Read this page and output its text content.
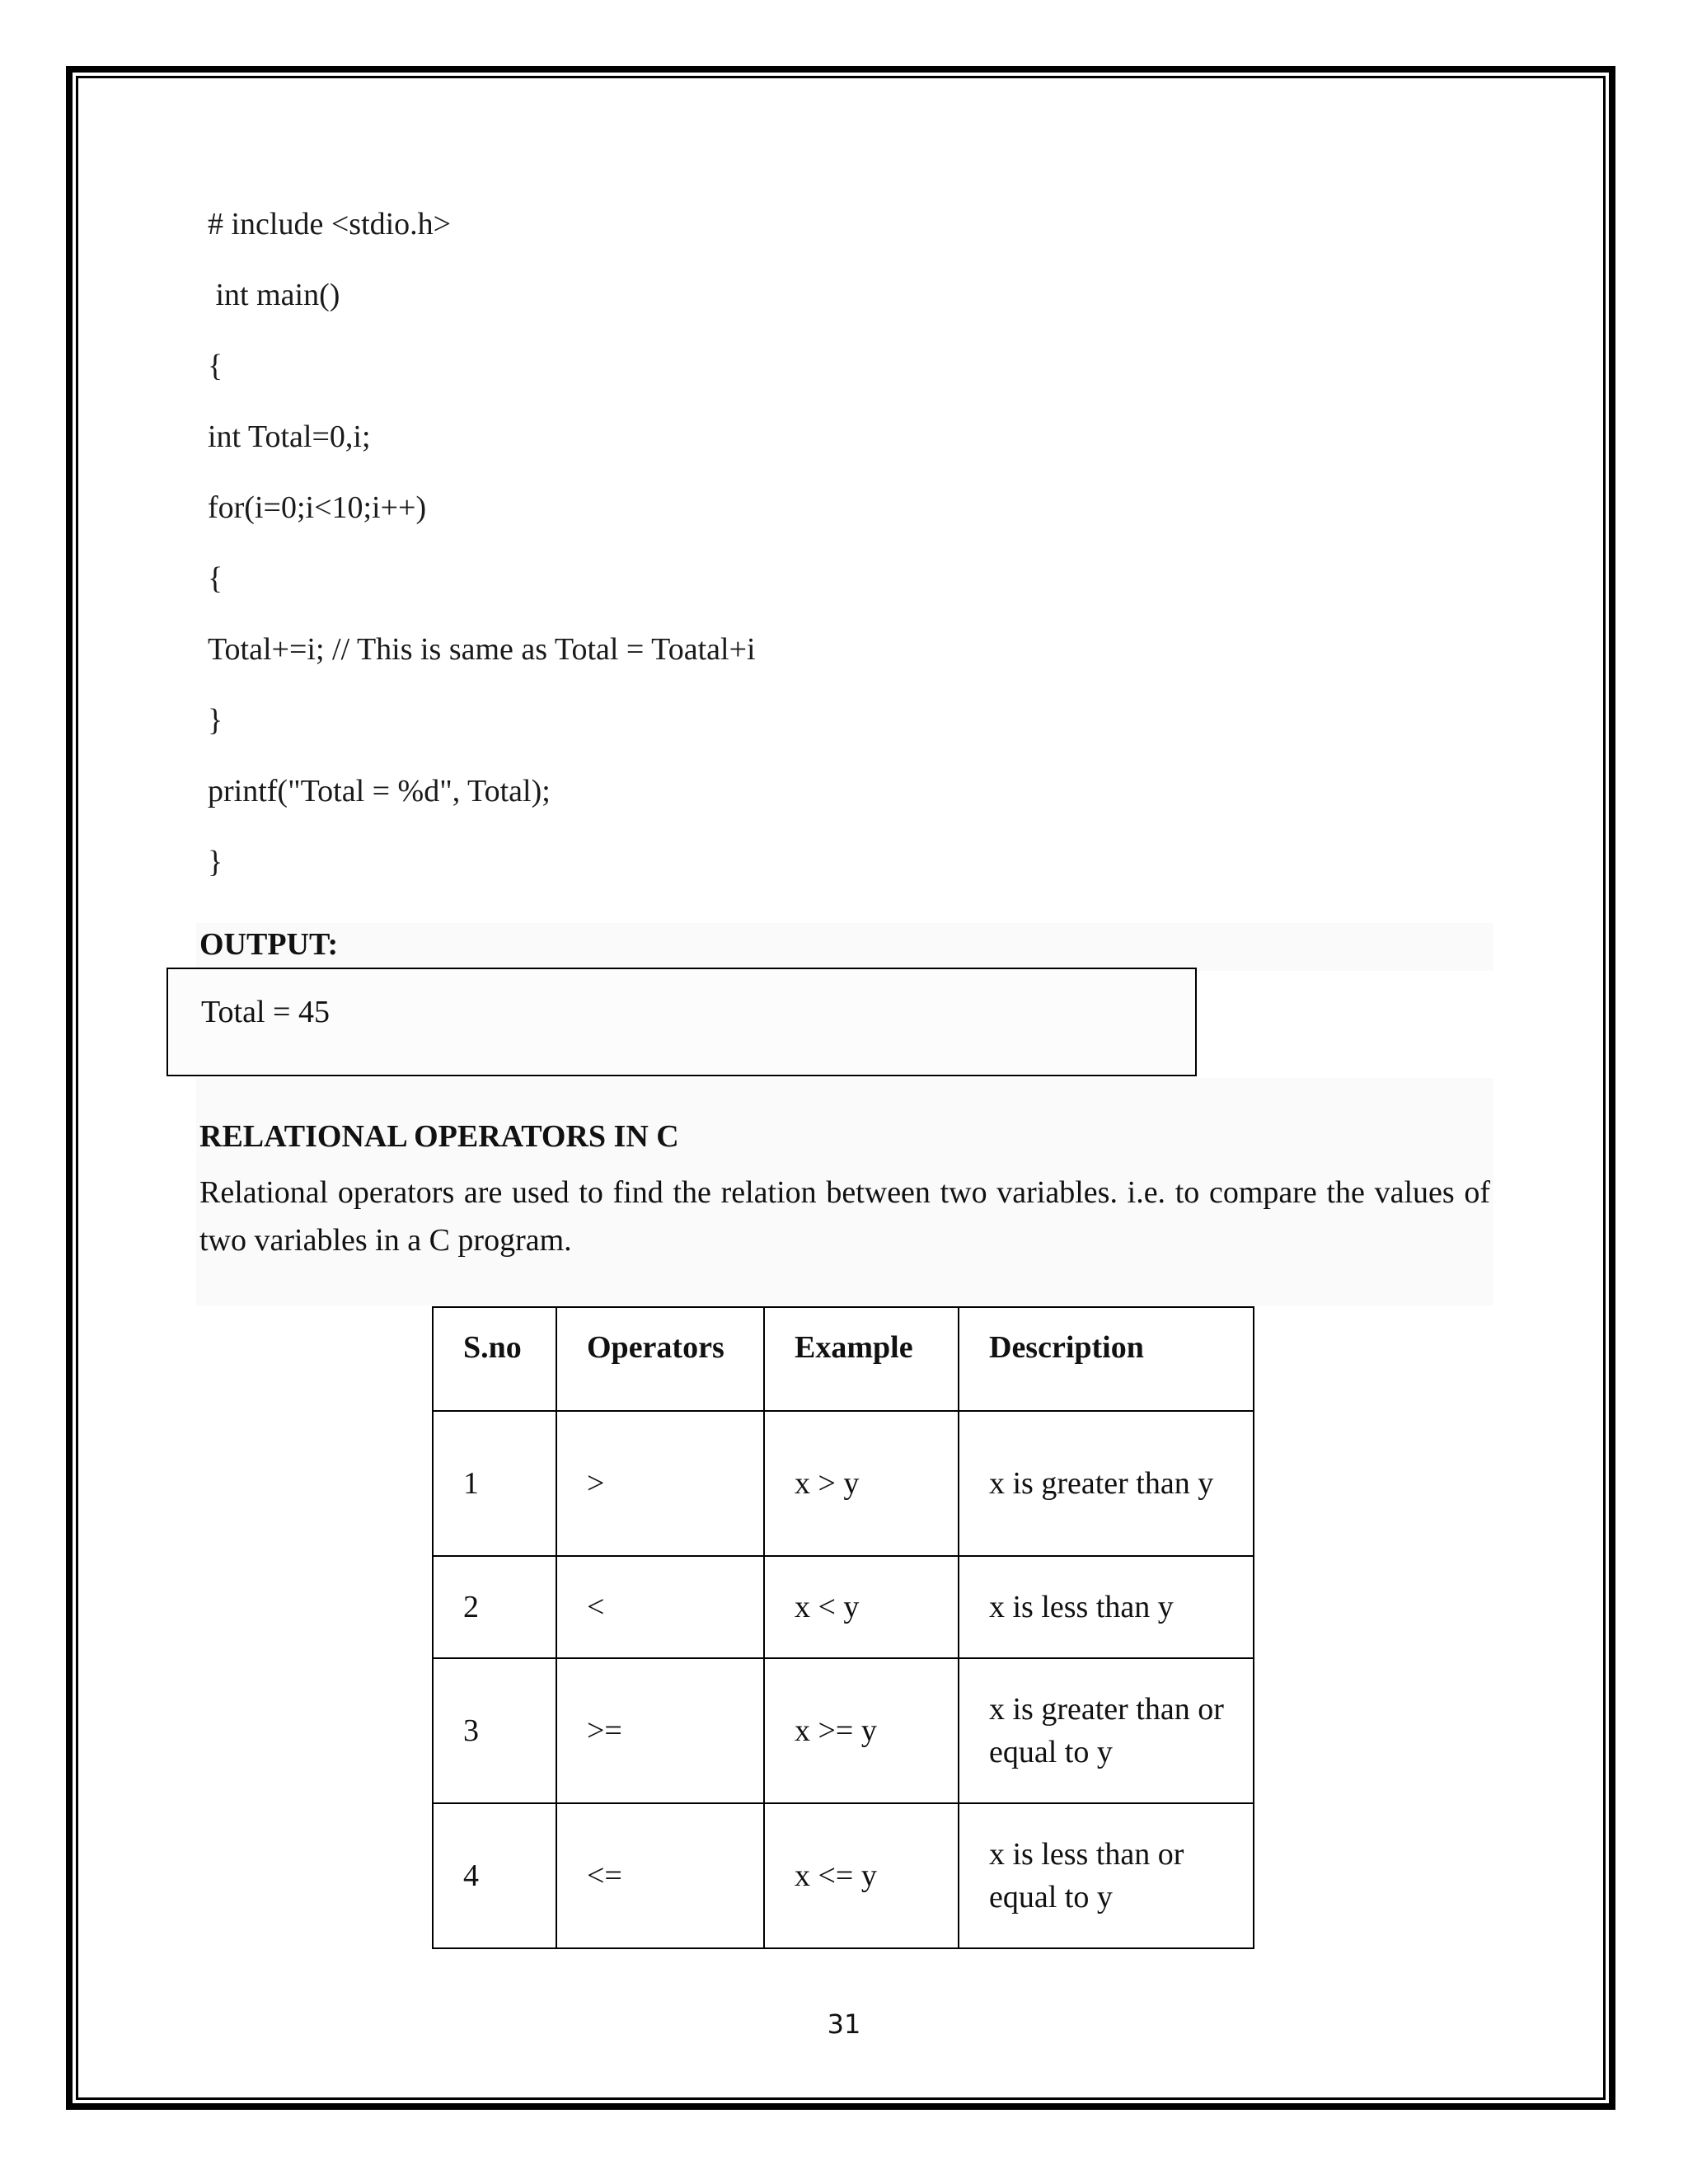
# include <stdio.h>
int main()
{
int Total=0,i;
for(i=0;i<10;i++)
{
Total+=i; // This is same as Total = Toatal+i
}
printf("Total = %d", Total);
}
OUTPUT:
Total = 45
RELATIONAL OPERATORS IN C
Relational operators are used to find the relation between two variables. i.e. to compare the values of two variables in a C program.
S.no	Operators	Example	Description
1	>	x > y	x is greater than y
2	<	x < y	x is less than y
3	>=	x >= y	x is greater than or equal to y
4	<=	x <= y	x is less than or equal to y
31
